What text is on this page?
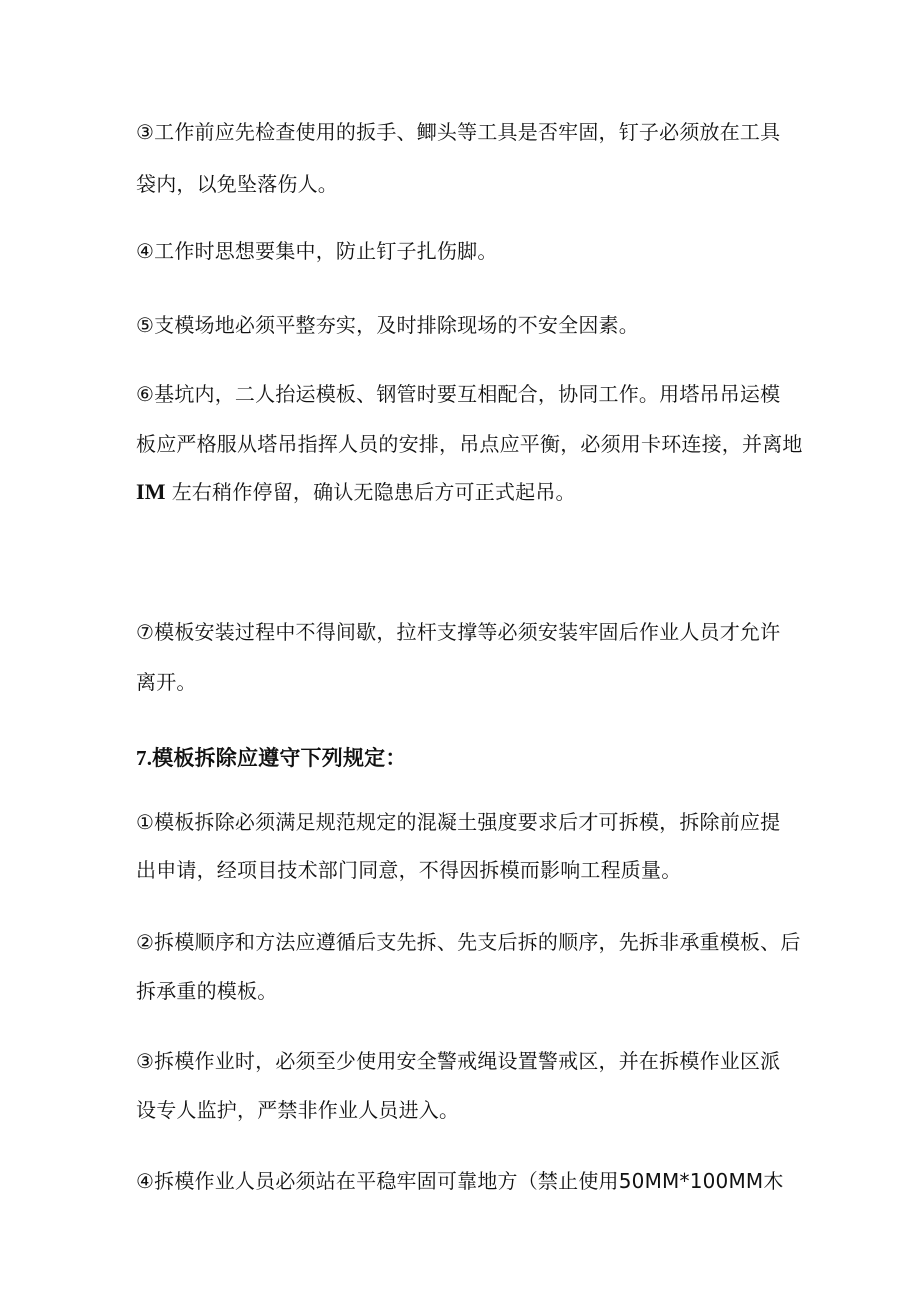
③工作前应先检查使用的扳手、鲫头等工具是否牢固，钉子必须放在工具
袋内，以免坠落伤人。
④工作时思想要集中，防止钉子扎伤脚。
⑤支模场地必须平整夯实，及时排除现场的不安全因素。
⑥基坑内，二人抬运模板、钢管时要互相配合，协同工作。用塔吊吊运模
板应严格服从塔吊指挥人员的安排，吊点应平衡，必须用卡环连接，并离地
IM 左右稍作停留，确认无隐患后方可正式起吊。
⑦模板安装过程中不得间歇，拉杆支撑等必须安装牢固后作业人员才允许
离开。
7.模板拆除应遵守下列规定：
①模板拆除必须满足规范规定的混凝土强度要求后才可拆模，拆除前应提
出申请，经项目技术部门同意，不得因拆模而影响工程质量。
②拆模顺序和方法应遵循后支先拆、先支后拆的顺序，先拆非承重模板、后
拆承重的模板。
③拆模作业时，必须至少使用安全警戒绳设置警戒区，并在拆模作业区派
设专人监护，严禁非作业人员进入。
④拆模作业人员必须站在平稳牢固可靠地方（禁止使用50MM*100MM木
